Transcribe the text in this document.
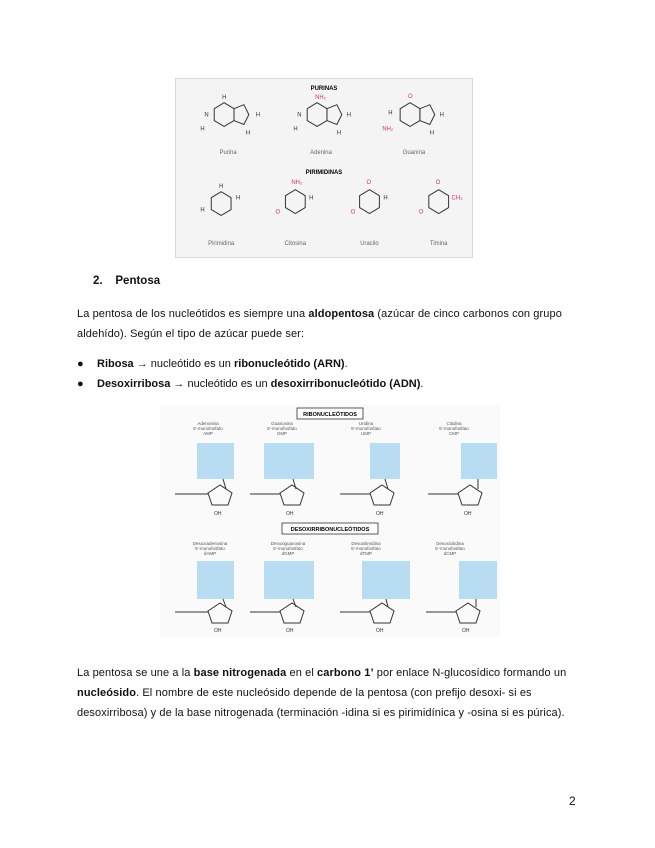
PURINAS
H
N
H
H
H
NH₂
N
H
H
H
O
H
NH₂
H
H
Purina	Adenina	Guanina
PIRIMIDINAS
H
H
H
NH₂
O
H
O
O
H
O
O
CH₃
Pirimidina	Citosina	Uracilo	Timina
2. Pentosa
La pentosa de los nucleótidos es siempre una aldopentosa (azúcar de cinco carbonos con grupo aldehído). Según el tipo de azúcar puede ser:
● Ribosa → nucleótido es un ribonucleótido (ARN).
● Desoxirribosa → nucleótido es un desoxirribonucleótido (ADN).
RIBONUCLEÓTIDOS
DESOXIRRIBONUCLEÓTIDOS
Adenosina
5'-monofosfato
AMP
Guanosina
5'-monofosfato
GMP
Uridina
5'-monofosfato
UMP
Citidina
5'-monofosfato
CMP
OH	OH	OH	OH
Desoxiadenosina
5'-monofosfato
dAMP
Desoxiguanosina
5'-monofosfato
dGMP
Desoxitimidina
5'-monofosfato
dTMP
Desoxicitidina
5'-monofosfato
dCMP
OH	OH	OH	OH
La pentosa se une a la base nitrogenada en el carbono 1’ por enlace N-glucosídico formando un nucleósido. El nombre de este nucleósido depende de la pentosa (con prefijo desoxi- si es desoxirribosa) y de la base nitrogenada (terminación -idina si es pirimidínica y -osina si es púrica).
2
